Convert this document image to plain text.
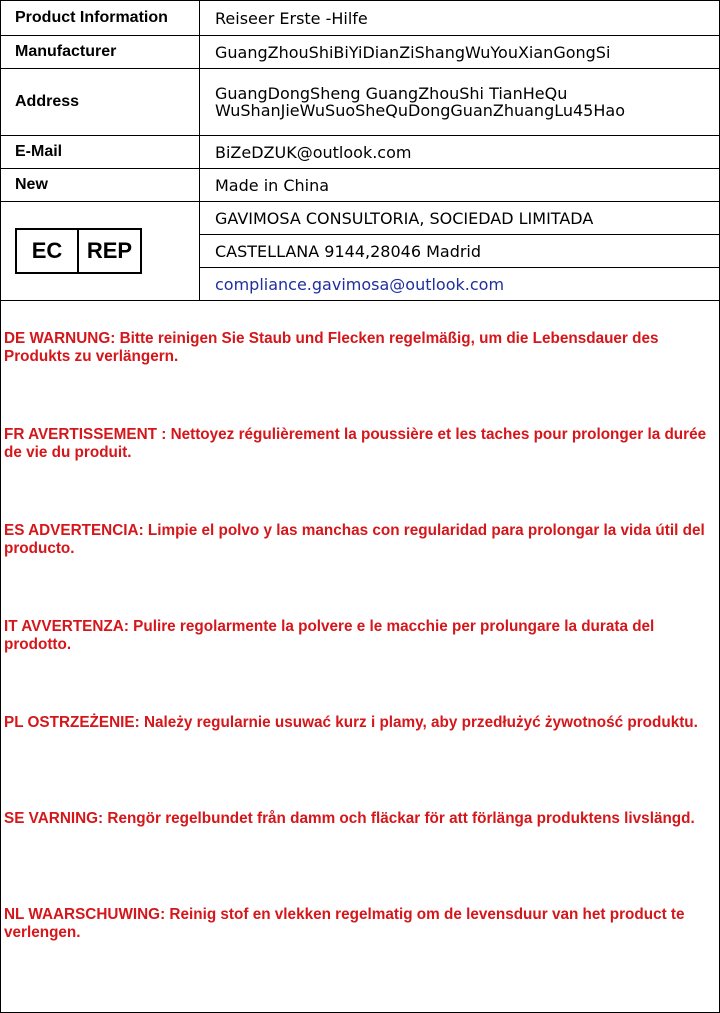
Product Information	Reiseer Erste -Hilfe
Manufacturer	GuangZhouShiBiYiDianZiShangWuYouXianGongSi
Address	GuangDongSheng GuangZhouShi TianHeQu
WuShanJieWuSuoSheQuDongGuanZhuangLu45Hao

E-Mail	BiZeDZUK@outlook.com
New	Made in China

EC REP	GAVIMOSA CONSULTORIA, SOCIEDAD LIMITADA
	CASTELLANA 9144,28046 Madrid
	compliance.gavimosa@outlook.com
DE WARNUNG: Bitte reinigen Sie Staub und Flecken regelmäßig, um die Lebensdauer des Produkts zu verlängern.
FR AVERTISSEMENT : Nettoyez régulièrement la poussière et les taches pour prolonger la durée de vie du produit.
ES ADVERTENCIA: Limpie el polvo y las manchas con regularidad para prolongar la vida útil del producto.
IT AVVERTENZA: Pulire regolarmente la polvere e le macchie per prolungare la durata del prodotto.
PL OSTRZEŻENIE: Należy regularnie usuwać kurz i plamy, aby przedłużyć żywotność produktu.
SE VARNING: Rengör regelbundet från damm och fläckar för att förlänga produktens livslängd.
NL WAARSCHUWING: Reinig stof en vlekken regelmatig om de levensduur van het product te verlengen.
